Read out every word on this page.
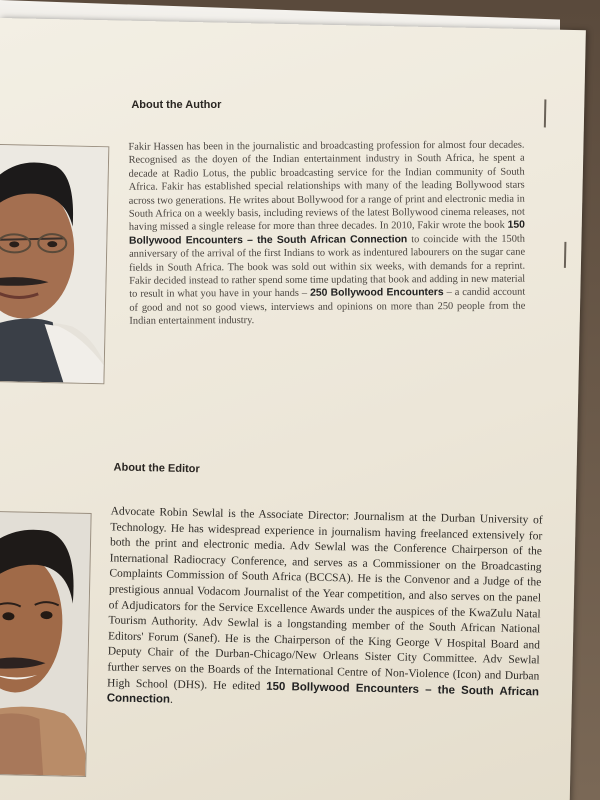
About the Author

Fakir Hassen has been in the journalistic and broadcasting profession for almost four decades. Recognised as the doyen of the Indian entertainment industry in South Africa, he spent a decade at Radio Lotus, the public broadcasting service for the Indian community of South Africa. Fakir has established special relationships with many of the leading Bollywood stars across two generations. He writes about Bollywood for a range of print and electronic media in South Africa on a weekly basis, including reviews of the latest Bollywood cinema releases, not having missed a single release for more than three decades. In 2010, Fakir wrote the book 150 Bollywood Encounters – the South African Connection to coincide with the 150th anniversary of the arrival of the first Indians to work as indentured labourers on the sugar cane fields in South Africa. The book was sold out within six weeks, with demands for a reprint. Fakir decided instead to rather spend some time updating that book and adding in new material to result in what you have in your hands – 250 Bollywood Encounters – a candid account of good and not so good views, interviews and opinions on more than 250 people from the Indian entertainment industry.

About the Editor

Advocate Robin Sewlal is the Associate Director: Journalism at the Durban University of Technology. He has widespread experience in journalism having freelanced extensively for both the print and electronic media. Adv Sewlal was the Conference Chairperson of the International Radiocracy Conference, and serves as a Commissioner on the Broadcasting Complaints Commission of South Africa (BCCSA). He is the Convenor and a Judge of the prestigious annual Vodacom Journalist of the Year competition, and also serves on the panel of Adjudicators for the Service Excellence Awards under the auspices of the KwaZulu Natal Tourism Authority. Adv Sewlal is a longstanding member of the South African National Editors' Forum (Sanef). He is the Chairperson of the King George V Hospital Board and Deputy Chair of the Durban-Chicago/New Orleans Sister City Committee. Adv Sewlal further serves on the Boards of the International Centre of Non-Violence (Icon) and Durban High School (DHS). He edited 150 Bollywood Encounters – the South African Connection.
